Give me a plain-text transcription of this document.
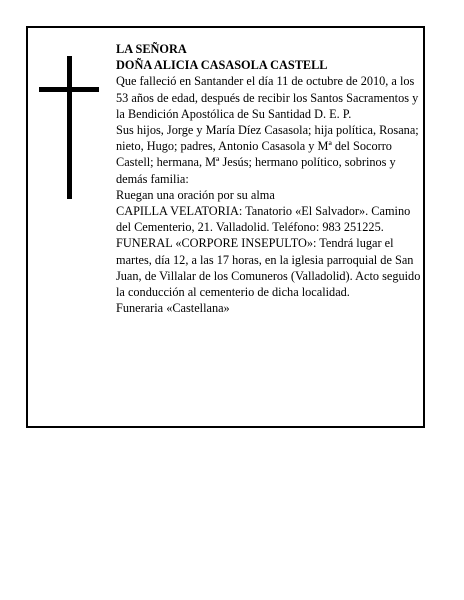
LA SEÑORA

DOÑA ALICIA CASASOLA CASTELL

Que falleció en Santander el día 11 de octubre de 2010, a los 53 años de edad, después de recibir los Santos Sacramentos y la Bendición Apostólica de Su Santidad D. E. P.

Sus hijos, Jorge y María Díez Casasola; hija política, Rosana; nieto, Hugo; padres, Antonio Casasola y Mª del Socorro Castell; hermana, Mª Jesús; hermano político, sobrinos y demás familia:

Ruegan una oración por su alma

CAPILLA VELATORIA: Tanatorio «El Salvador». Camino del Cementerio, 21. Valladolid. Teléfono: 983 251225.

FUNERAL «CORPORE INSEPULTO»: Tendrá lugar el martes, día 12, a las 17 horas, en la iglesia parroquial de San Juan, de Villalar de los Comuneros (Valladolid). Acto seguido la conducción al cementerio de dicha localidad.

Funeraria «Castellana»
